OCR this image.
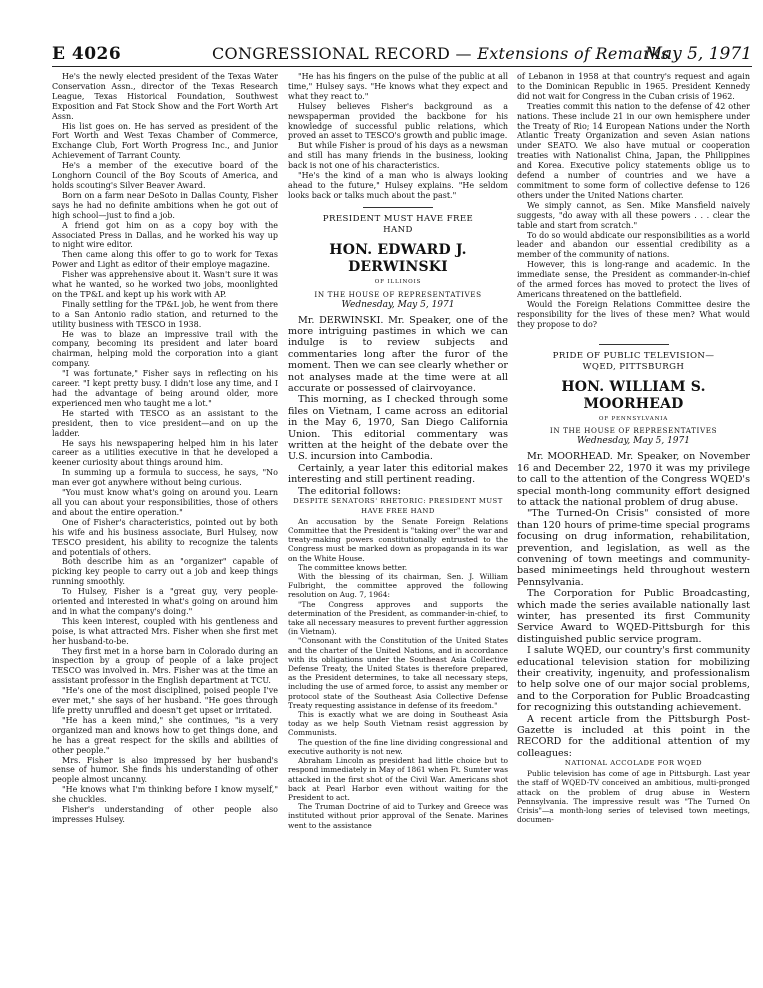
E 4026	CONGRESSIONAL RECORD — Extensions of Remarks
May 5, 1971

He's the newly elected president of the Texas Water Conservation Assn., director of the Texas Research League, Texas Historical Foundation, Southwest Exposition and Fat Stock Show and the Fort Worth Art Assn.

His list goes on. He has served as president of the Fort Worth and West Texas Chamber of Commerce, Exchange Club, Fort Worth Progress Inc., and Junior Achievement of Tarrant County.

He's a member of the executive board of the Longhorn Council of the Boy Scouts of America, and holds scouting's Silver Beaver Award.

Born on a farm near DeSoto in Dallas County, Fisher says he had no definite ambitions when he got out of high school—just to find a job.

A friend got him on as a copy boy with the Associated Press in Dallas, and he worked his way up to night wire editor.

Then came along this offer to go to work for Texas Power and Light as editor of their employe magazine.

Fisher was apprehensive about it. Wasn't sure it was what he wanted, so he worked two jobs, moonlighted on the TP&L and kept up his work with AP.

Finally settling for the TP&L job, he went from there to a San Antonio radio station, and returned to the utility business with TESCO in 1938.

He was to blaze an impressive trail with the company, becoming its president and later board chairman, helping mold the corporation into a giant company.

"I was fortunate," Fisher says in reflecting on his career. "I kept pretty busy. I didn't lose any time, and I had the advantage of being around older, more experienced men who taught me a lot."

He started with TESCO as an assistant to the president, then to vice president—and on up the ladder.

He says his newspapering helped him in his later career as a utilities executive in that he developed a keener curiosity about things around him.

In summing up a formula to success, he says, "No man ever got anywhere without being curious.

"You must know what's going on around you. Learn all you can about your responsibilities, those of others and about the entire operation."

One of Fisher's characteristics, pointed out by both his wife and his business associate, Burl Hulsey, now TESCO president, his ability to recognize the talents and potentials of others.

Both describe him as an "organizer" capable of picking key people to carry out a job and keep things running smoothly.

To Hulsey, Fisher is a "great guy, very people-oriented and interested in what's going on around him and in what the company's doing."

This keen interest, coupled with his gentleness and poise, is what attracted Mrs. Fisher when she first met her husband-to-be.

They first met in a horse barn in Colorado during an inspection by a group of people of a lake project TESCO was involved in. Mrs. Fisher was at the time an assistant professor in the English department at TCU.

"He's one of the most disciplined, poised people I've ever met," she says of her husband. "He goes through life pretty unruffled and doesn't get upset or irritated.

"He has a keen mind," she continues, "is a very organized man and knows how to get things done, and he has a great respect for the skills and abilities of other people."

Mrs. Fisher is also impressed by her husband's sense of humor. She finds his understanding of other people almost uncanny.

"He knows what I'm thinking before I know myself," she chuckles.

Fisher's understanding of other people also impresses Hulsey.

"He has his fingers on the pulse of the public at all time," Hulsey says. "He knows what they expect and what they react to."

Hulsey believes Fisher's background as a newspaperman provided the backbone for his knowledge of successful public relations, which proved an asset to TESCO's growth and public image.

But while Fisher is proud of his days as a newsman and still has many friends in the business, looking back is not one of his characteristics.

"He's the kind of a man who is always looking ahead to the future," Hulsey explains. "He seldom looks back or talks much about the past."

PRESIDENT MUST HAVE FREE
HAND

HON. EDWARD J. DERWINSKI
OF ILLINOIS
IN THE HOUSE OF REPRESENTATIVES
Wednesday, May 5, 1971

Mr. DERWINSKI. Mr. Speaker, one of the more intriguing pastimes in which we can indulge is to review subjects and commentaries long after the furor of the moment. Then we can see clearly whether or not analyses made at the time were at all accurate or possessed of clairvoyance.

This morning, as I checked through some files on Vietnam, I came across an editorial in the May 6, 1970, San Diego California Union. This editorial commentary was written at the height of the debate over the U.S. incursion into Cambodia.

Certainly, a year later this editorial makes interesting and still pertinent reading.

The editorial follows:

DESPITE SENATORS' RHETORIC: PRESIDENT MUST HAVE FREE HAND

An accusation by the Senate Foreign Relations Committee that the President is "taking over" the war and treaty-making powers constitutionally entrusted to the Congress must be marked down as propaganda in its war on the White House.

The committee knows better.

With the blessing of its chairman, Sen. J. William Fulbright, the committee approved the following resolution on Aug. 7, 1964:

"The Congress approves and supports the determination of the President, as commander-in-chief, to take all necessary measures to prevent further aggression (in Vietnam).

"Consonant with the Constitution of the United States and the charter of the United Nations, and in accordance with its obligations under the Southeast Asia Collective Defense Treaty, the United States is therefore prepared, as the President determines, to take all necessary steps, including the use of armed force, to assist any member or protocol state of the Southeast Asia Collective Defense Treaty requesting assistance in defense of its freedom."

This is exactly what we are doing in Southeast Asia today as we help South Vietnam resist aggression by Communists.

The question of the fine line dividing congressional and executive authority is not new.

Abraham Lincoln as president had little choice but to respond immediately in May of 1861 when Ft. Sumter was attacked in the first shot of the Civil War. Americans shot back at Pearl Harbor even without waiting for the President to act.

The Truman Doctrine of aid to Turkey and Greece was instituted without prior approval of the Senate. Marines went to the assistance

of Lebanon in 1958 at that country's request and again to the Dominican Republic in 1965. President Kennedy did not wait for Congress in the Cuban crisis of 1962.

Treaties commit this nation to the defense of 42 other nations. These include 21 in our own hemisphere under the Treaty of Rio; 14 European Nations under the North Atlantic Treaty Organization and seven Asian nations under SEATO. We also have mutual or cooperation treaties with Nationalist China, Japan, the Philippines and Korea. Executive policy statements oblige us to defend a number of countries and we have a commitment to some form of collective defense to 126 others under the United Nations charter.

We simply cannot, as Sen. Mike Mansfield naively suggests, "do away with all these powers . . . clear the table and start from scratch."

To do so would abdicate our responsibilities as a world leader and abandon our essential credibility as a member of the community of nations.

However, this is long-range and academic. In the immediate sense, the President as commander-in-chief of the armed forces has moved to protect the lives of Americans threatened on the battlefield.

Would the Foreign Relations Committee desire the responsibility for the lives of these men? What would they propose to do?

PRIDE OF PUBLIC TELEVISION—
WQED, PITTSBURGH

HON. WILLIAM S. MOORHEAD
OF PENNSYLVANIA
IN THE HOUSE OF REPRESENTATIVES
Wednesday, May 5, 1971

Mr. MOORHEAD. Mr. Speaker, on November 16 and December 22, 1970 it was my privilege to call to the attention of the Congress WQED's special month-long community effort designed to attack the national problem of drug abuse.

"The Turned-On Crisis" consisted of more than 120 hours of prime-time special programs focusing on drug information, rehabilitation, prevention, and legislation, as well as the convening of town meetings and community-based minimeetings held throughout western Pennsylvania.

The Corporation for Public Broadcasting, which made the series available nationally last winter, has presented its first Community Service Award to WQED-Pittsburgh for this distinguished public service program.

I salute WQED, our country's first community educational television station for mobilizing their creativity, ingenuity, and professionalism to help solve one of our major social problems, and to the Corporation for Public Broadcasting for recognizing this outstanding achievement.

A recent article from the Pittsburgh Post-Gazette is included at this point in the RECORD for the additional attention of my colleagues:

NATIONAL ACCOLADE FOR WQED

Public television has come of age in Pittsburgh. Last year the staff of WQED-TV conceived an ambitious, multi-pronged attack on the problem of drug abuse in Western Pennsylvania. The impressive result was "The Turned On Crisis"—a month-long series of televised town meetings, documen-
